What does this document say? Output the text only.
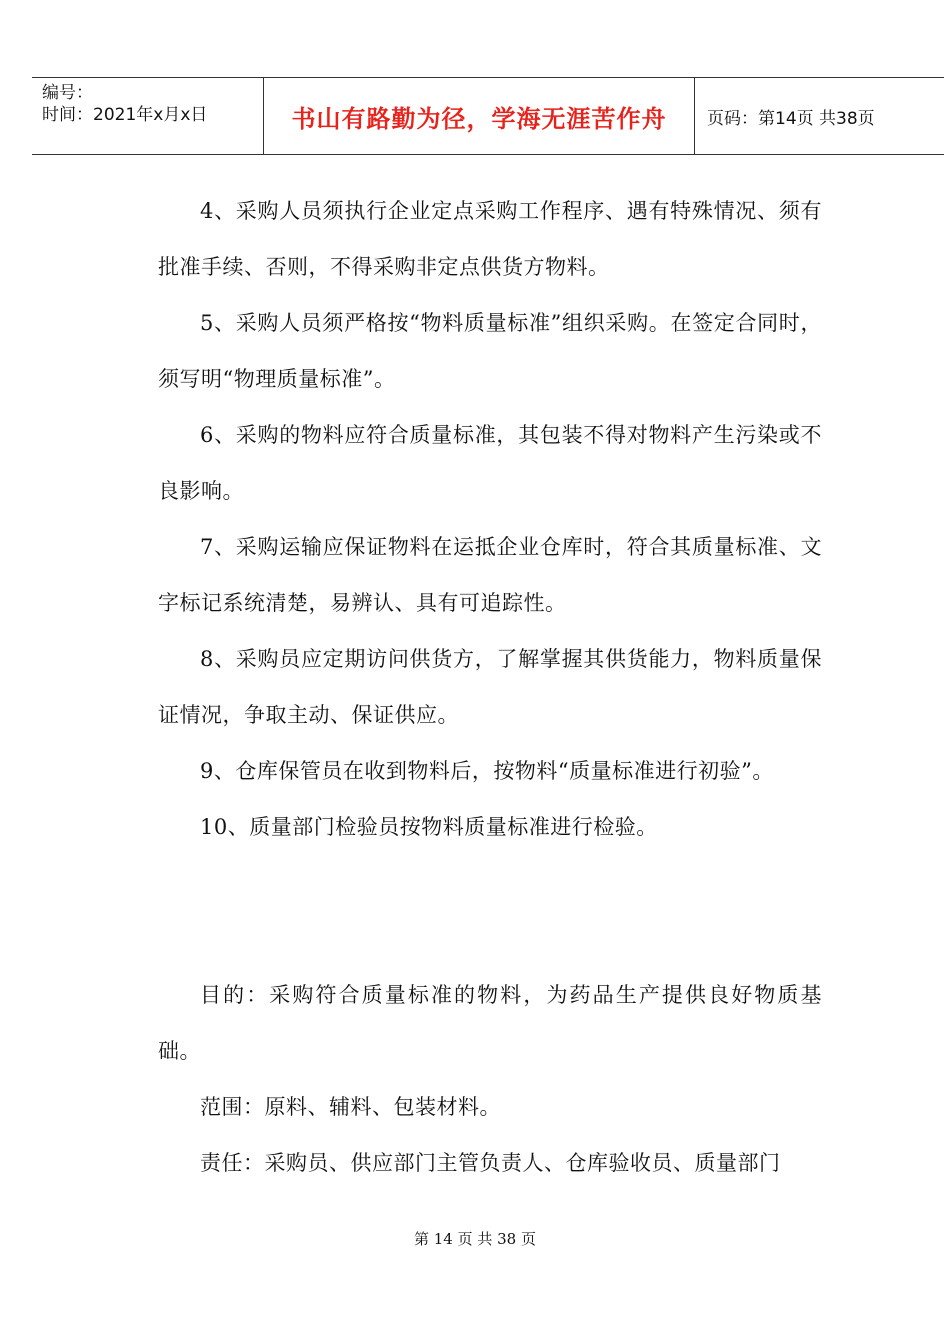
编号：
时间：2021年x月x日	书山有路勤为径，学海无涯苦作舟	页码：第14页 共38页

4、采购人员须执行企业定点采购工作程序、遇有特殊情况、须有批准手续、否则，不得采购非定点供货方物料。

5、采购人员须严格按“物料质量标准”组织采购。在签定合同时，须写明“物理质量标准”。

6、采购的物料应符合质量标准，其包装不得对物料产生污染或不良影响。

7、采购运输应保证物料在运抵企业仓库时，符合其质量标准、文字标记系统清楚，易辨认、具有可追踪性。

8、采购员应定期访问供货方，了解掌握其供货能力，物料质量保证情况，争取主动、保证供应。

9、仓库保管员在收到物料后，按物料“质量标准进行初验”。

10、质量部门检验员按物料质量标准进行检验。

目的：采购符合质量标准的物料，为药品生产提供良好物质基础。

范围：原料、辅料、包装材料。

责任：采购员、供应部门主管负责人、仓库验收员、质量部门

第 14 页 共 38 页
